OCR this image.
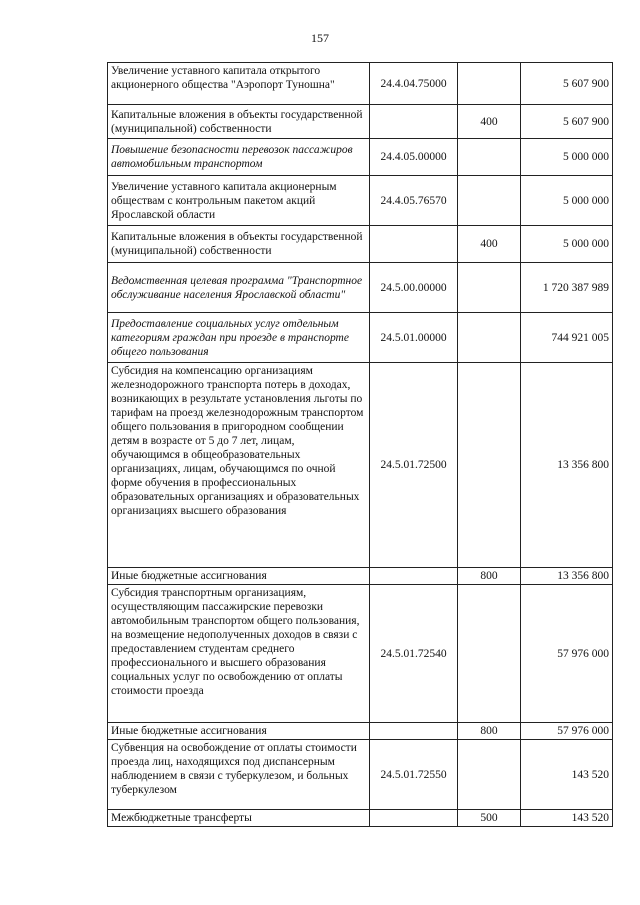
157
Увеличение уставного капитала открытого акционерного общества "Аэропорт Туношна"	24.4.04.75000		5 607 900
Капитальные вложения в объекты государственной (муниципальной) собственности		400	5 607 900
Повышение безопасности перевозок пассажиров автомобильным транспортом	24.4.05.00000		5 000 000
Увеличение уставного капитала акционерным обществам с контрольным пакетом акций Ярославской области	24.4.05.76570		5 000 000
Капитальные вложения в объекты государственной (муниципальной) собственности		400	5 000 000
Ведомственная целевая программа "Транспортное обслуживание населения Ярославской области"	24.5.00.00000		1 720 387 989
Предоставление социальных услуг отдельным категориям граждан при проезде в транспорте общего пользования	24.5.01.00000		744 921 005
Субсидия на компенсацию организациям железнодорожного транспорта потерь в доходах, возникающих в результате установления льготы по тарифам на проезд железнодорожным транспортом общего пользования в пригородном сообщении детям в возрасте от 5 до 7 лет, лицам, обучающимся в общеобразовательных организациях, лицам, обучающимся по очной форме обучения в профессиональных образовательных организациях и образовательных организациях высшего образования	24.5.01.72500		13 356 800
Иные бюджетные ассигнования		800	13 356 800
Субсидия транспортным организациям, осуществляющим пассажирские перевозки автомобильным транспортом общего пользования, на возмещение недополученных доходов в связи с предоставлением студентам среднего профессионального и высшего образования социальных услуг по освобождению от оплаты стоимости проезда	24.5.01.72540		57 976 000
Иные бюджетные ассигнования		800	57 976 000
Субвенция на освобождение от оплаты стоимости проезда лиц, находящихся под диспансерным наблюдением в связи с туберкулезом, и больных туберкулезом	24.5.01.72550		143 520
Межбюджетные трансферты		500	143 520
